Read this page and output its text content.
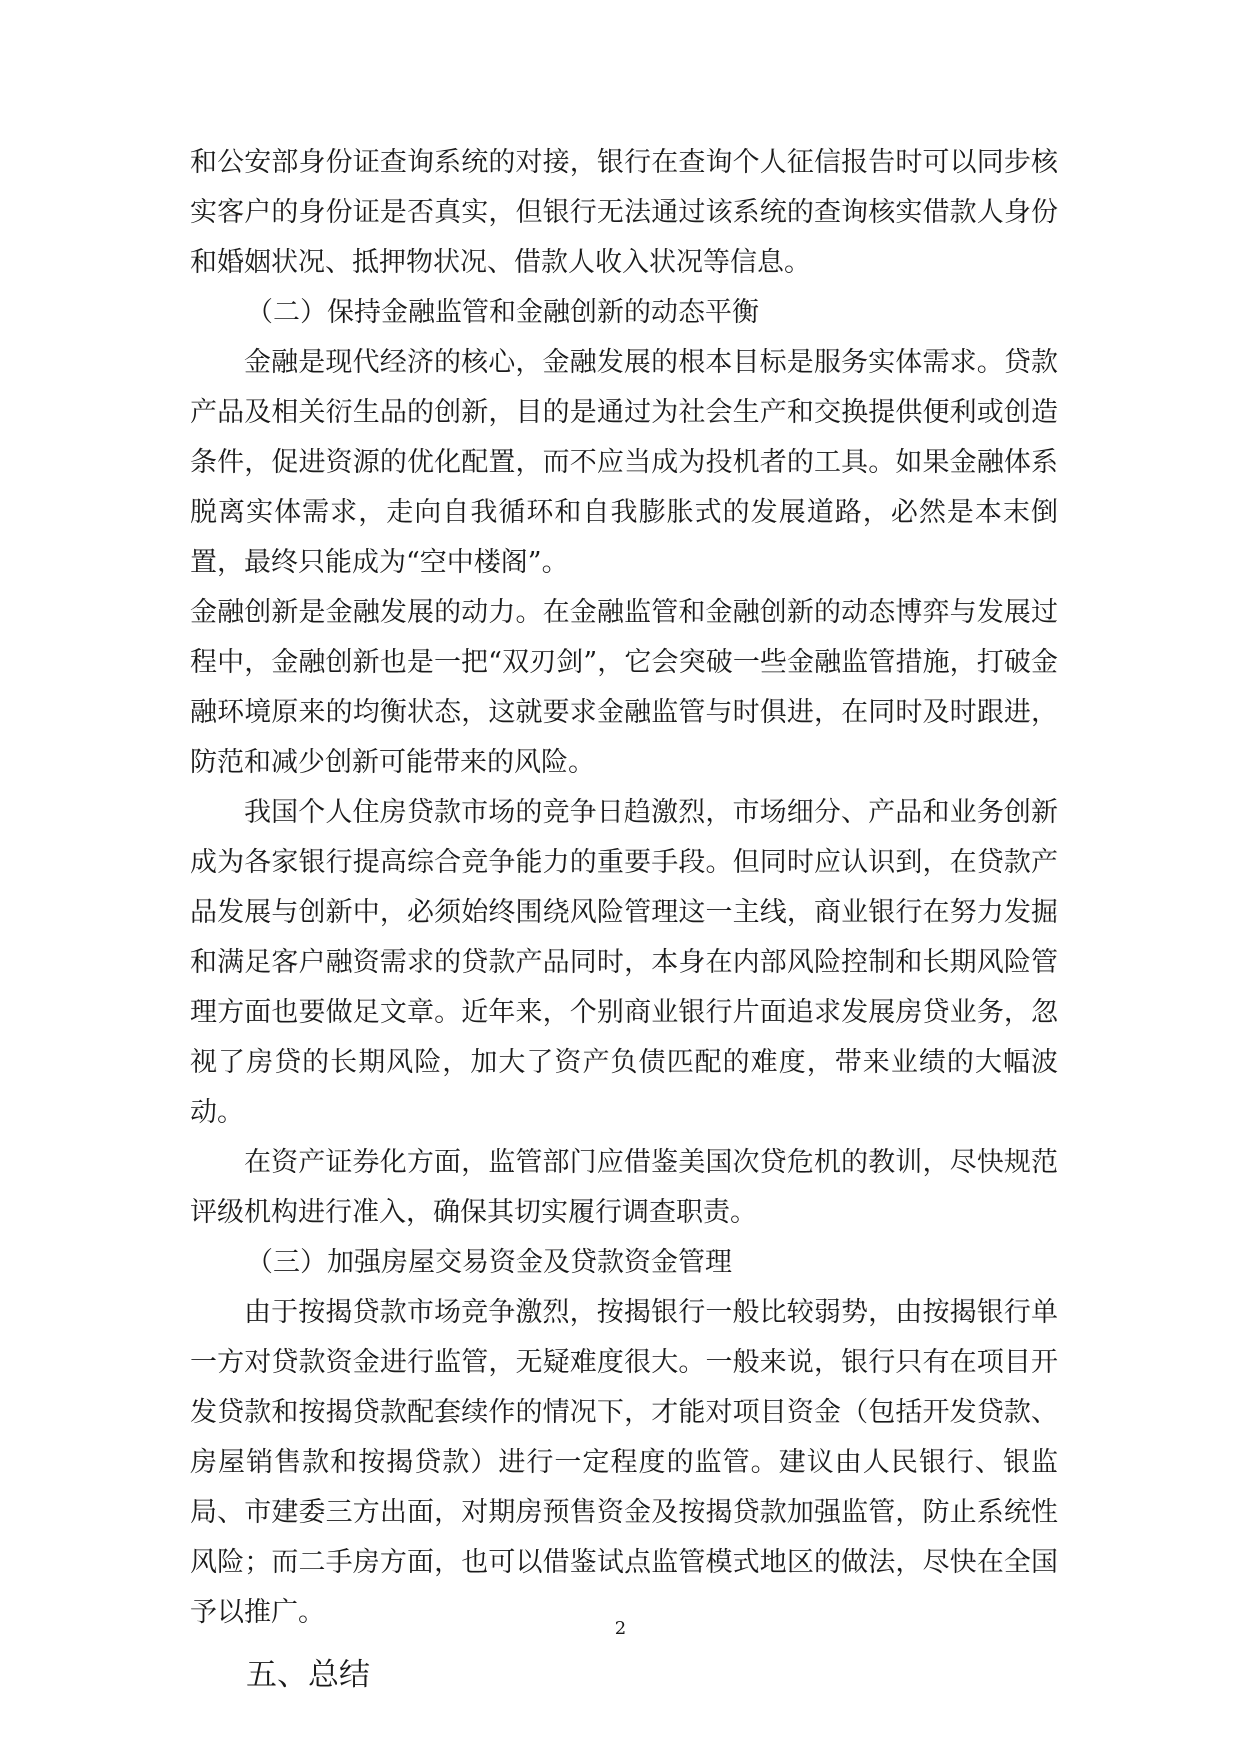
和公安部身份证查询系统的对接，银行在查询个人征信报告时可以同步核实客户的身份证是否真实，但银行无法通过该系统的查询核实借款人身份和婚姻状况、抵押物状况、借款人收入状况等信息。

（二）保持金融监管和金融创新的动态平衡

金融是现代经济的核心，金融发展的根本目标是服务实体需求。贷款产品及相关衍生品的创新，目的是通过为社会生产和交换提供便利或创造条件，促进资源的优化配置，而不应当成为投机者的工具。如果金融体系脱离实体需求，走向自我循环和自我膨胀式的发展道路，必然是本末倒置，最终只能成为“空中楼阁”。

金融创新是金融发展的动力。在金融监管和金融创新的动态博弈与发展过程中，金融创新也是一把“双刃剑”，它会突破一些金融监管措施，打破金融环境原来的均衡状态，这就要求金融监管与时俱进，在同时及时跟进，防范和减少创新可能带来的风险。

我国个人住房贷款市场的竞争日趋激烈，市场细分、产品和业务创新成为各家银行提高综合竞争能力的重要手段。但同时应认识到，在贷款产品发展与创新中，必须始终围绕风险管理这一主线，商业银行在努力发掘和满足客户融资需求的贷款产品同时，本身在内部风险控制和长期风险管理方面也要做足文章。近年来，个别商业银行片面追求发展房贷业务，忽视了房贷的长期风险，加大了资产负债匹配的难度，带来业绩的大幅波动。

在资产证券化方面，监管部门应借鉴美国次贷危机的教训，尽快规范评级机构进行准入，确保其切实履行调查职责。

（三）加强房屋交易资金及贷款资金管理

由于按揭贷款市场竞争激烈，按揭银行一般比较弱势，由按揭银行单一方对贷款资金进行监管，无疑难度很大。一般来说，银行只有在项目开发贷款和按揭贷款配套续作的情况下，才能对项目资金（包括开发贷款、房屋销售款和按揭贷款）进行一定程度的监管。建议由人民银行、银监局、市建委三方出面，对期房预售资金及按揭贷款加强监管，防止系统性风险；而二手房方面，也可以借鉴试点监管模式地区的做法，尽快在全国予以推广。

五、总结

2
